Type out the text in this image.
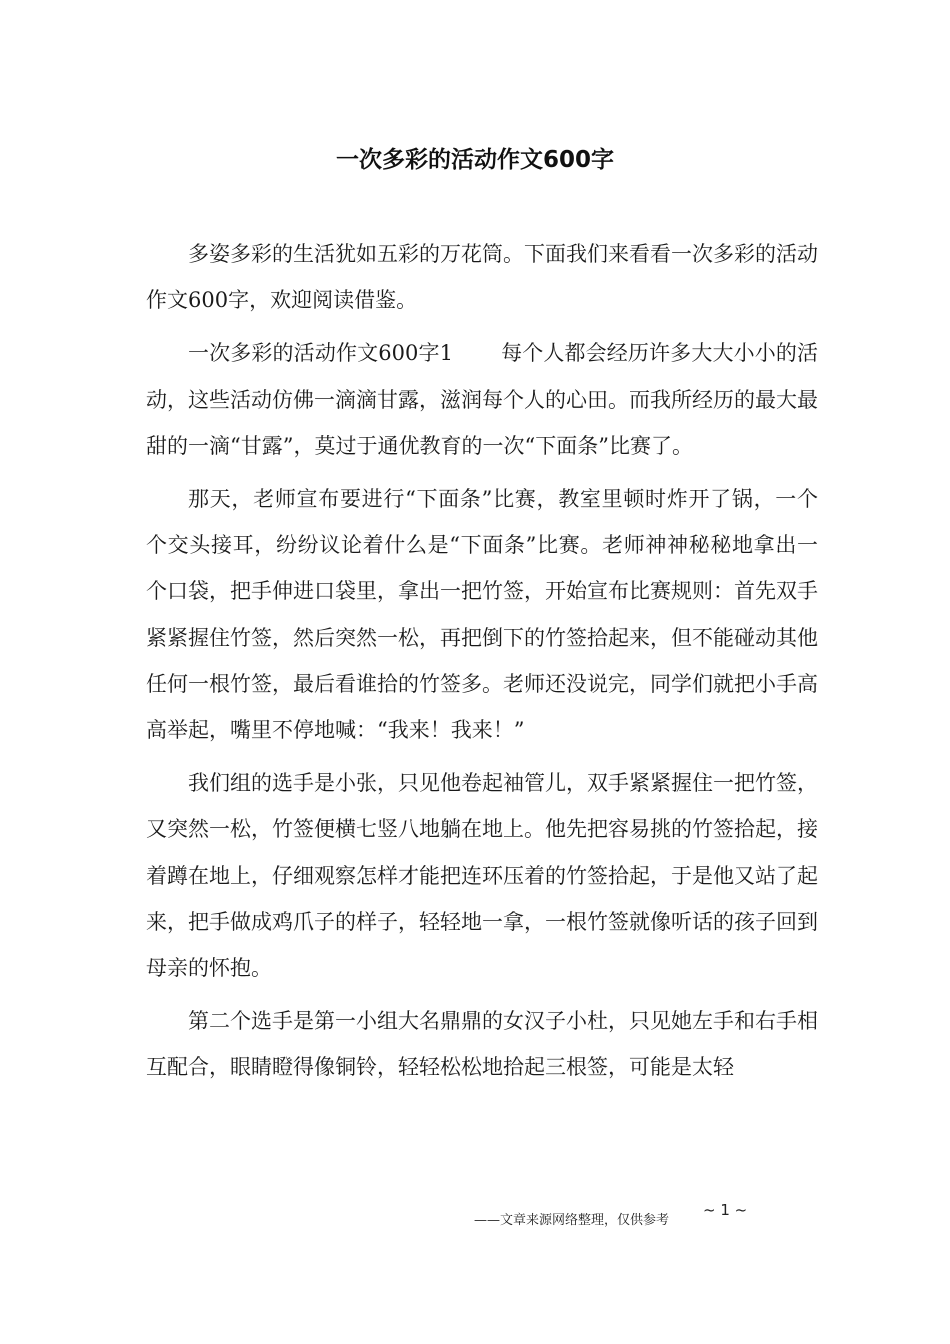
一次多彩的活动作文600字

多姿多彩的生活犹如五彩的万花筒。下面我们来看看一次多彩的活动作文600字，欢迎阅读借鉴。

一次多彩的活动作文600字1 每个人都会经历许多大大小小的活动，这些活动仿佛一滴滴甘露，滋润每个人的心田。而我所经历的最大最甜的一滴“甘露”，莫过于通优教育的一次“下面条”比赛了。

那天，老师宣布要进行“下面条”比赛，教室里顿时炸开了锅，一个个交头接耳，纷纷议论着什么是“下面条”比赛。老师神神秘秘地拿出一个口袋，把手伸进口袋里，拿出一把竹签，开始宣布比赛规则：首先双手紧紧握住竹签，然后突然一松，再把倒下的竹签拾起来，但不能碰动其他任何一根竹签，最后看谁拾的竹签多。老师还没说完，同学们就把小手高高举起，嘴里不停地喊：“我来！我来！”

我们组的选手是小张，只见他卷起袖管儿，双手紧紧握住一把竹签，又突然一松，竹签便横七竖八地躺在地上。他先把容易挑的竹签拾起，接着蹲在地上，仔细观察怎样才能把连环压着的竹签拾起，于是他又站了起来，把手做成鸡爪子的样子，轻轻地一拿，一根竹签就像听话的孩子回到母亲的怀抱。

第二个选手是第一小组大名鼎鼎的女汉子小杜，只见她左手和右手相互配合，眼睛瞪得像铜铃，轻轻松松地拾起三根签，可能是太轻

——文章来源网络整理，仅供参考
~ 1 ~
